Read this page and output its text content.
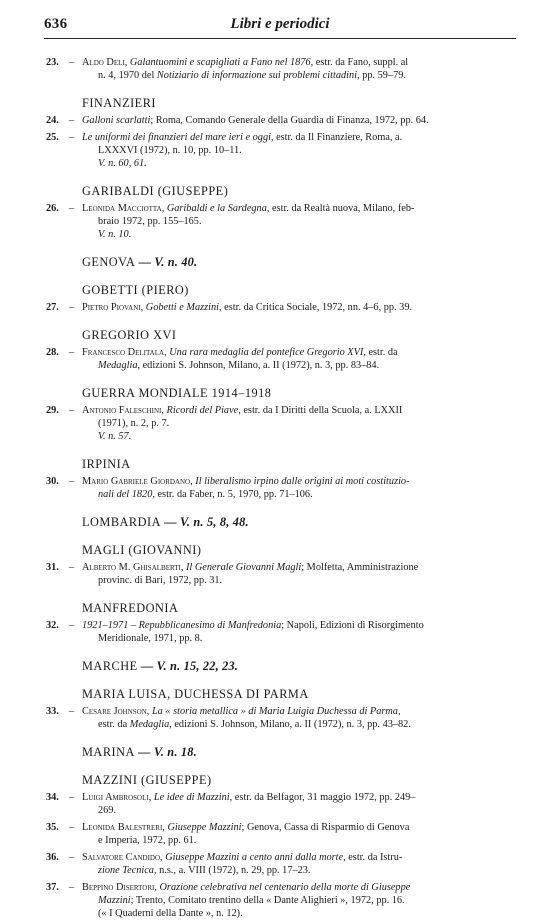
636	Libri e periodici
23. – Aldo Deli, Galantuomini e scapigliati a Fano nel 1876, estr. da Fano, suppl. al
n. 4, 1970 del Notiziario di informazione sui problemi cittadini, pp. 59–79.
FINANZIERI
24. – Galloni scarlatti; Roma, Comando Generale della Guardia di Finanza, 1972, pp. 64.
25. – Le uniformi dei finanzieri del mare ieri e oggi, estr. da Il Finanziere, Roma, a.
LXXXVI (1972), n. 10, pp. 10–11.
V. n. 60, 61.
GARIBALDI (GIUSEPPE)
26. – Leonida Macciotta, Garibaldi e la Sardegna, estr. da Realtà nuova, Milano, feb-
braio 1972, pp. 155–165.
V. n. 10.
GENOVA — V. n. 40.
GOBETTI (PIERO)
27. – Pietro Piovani, Gobetti e Mazzini, estr. da Critica Sociale, 1972, nn. 4–6, pp. 39.
GREGORIO XVI
28. – Francesco Delitala, Una rara medaglia del pontefice Gregorio XVI, estr. da
Medaglia, edizioni S. Johnson, Milano, a. II (1972), n. 3, pp. 83–84.
GUERRA MONDIALE 1914–1918
29. – Antonio Faleschini, Ricordi del Piave, estr. da I Diritti della Scuola, a. LXXII
(1971), n. 2, p. 7.
V. n. 57.
IRPINIA
30. – Mario Gabriele Giordano, Il liberalismo irpino dalle origini ai moti costituzio-
nali del 1820, estr. da Faber, n. 5, 1970, pp. 71–106.
LOMBARDIA — V. n. 5, 8, 48.
MAGLI (GIOVANNI)
31. – Alberto M. Ghisalberti, Il Generale Giovanni Magli; Molfetta, Amministrazione
provinc. di Bari, 1972, pp. 31.
MANFREDONIA
32. – 1921–1971 – Repubblicanesimo di Manfredonia; Napoli, Edizioni di Risorgimento
Meridionale, 1971, pp. 8.
MARCHE — V. n. 15, 22, 23.
MARIA LUISA, DUCHESSA DI PARMA
33. – Cesare Johnson, La « storia metallica » di Maria Luigia Duchessa di Parma,
estr. da Medaglia, edizioni S. Johnson, Milano, a. II (1972), n. 3, pp. 43–82.
MARINA — V. n. 18.
MAZZINI (GIUSEPPE)
34. – Luigi Ambrosoli, Le idee di Mazzini, estr. da Belfagor, 31 maggio 1972, pp. 249–
269.
35. – Leonida Balestreri, Giuseppe Mazzini; Genova, Cassa di Risparmio di Genova
e Imperia, 1972, pp. 61.
36. – Salvatore Candido, Giuseppe Mazzini a cento anni dalla morte, estr. da Istru-
zione Tecnica, n.s., a. VIII (1972), n. 29, pp. 17–23.
37. – Beppino Disertori, Orazione celebrativa nel centenario della morte di Giuseppe
Mazzini; Trento, Comitato trentino della « Dante Alighieri », 1972, pp. 16.
(« I Quaderni della Dante », n. 12).
